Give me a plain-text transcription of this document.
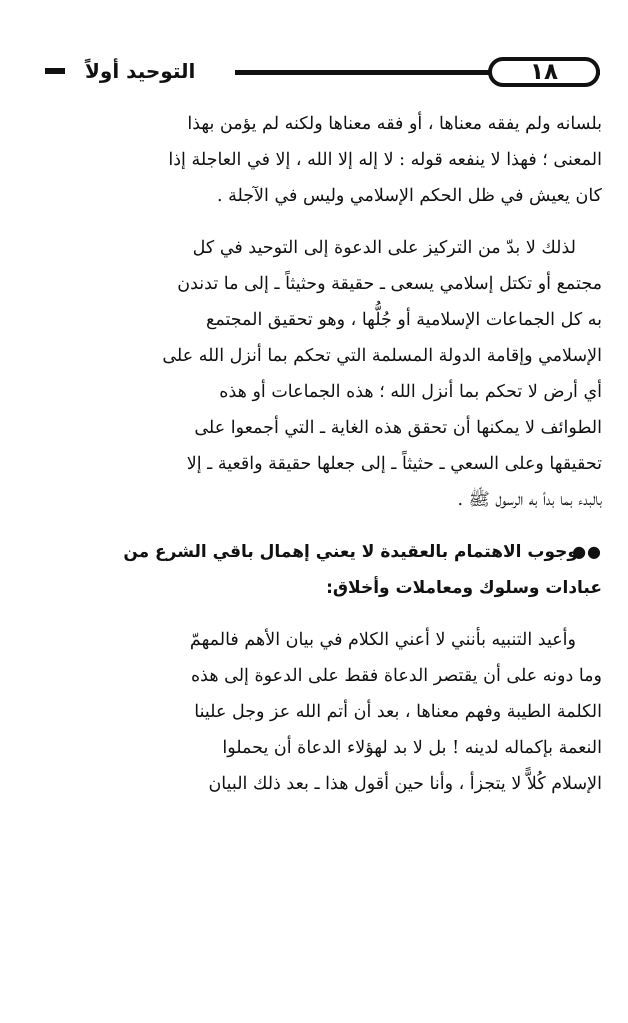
١٨
التوحيد أولاً

بلسانه ولم يفقه معناها ، أو فقه معناها ولكنه لم يؤمن بهذا
المعنى ؛ فهذا لا ينفعه قوله : لا إله إلا الله ، إلا في العاجلة إذا
كان يعيش في ظل الحكم الإسلامي وليس في الآجلة .

لذلك لا بدّ من التركيز على الدعوة إلى التوحيد في كل
مجتمع أو تكتل إسلامي يسعى ـ حقيقة وحثيثاً ـ إلى ما تدندن
به كل الجماعات الإسلامية أو جُلُّها ، وهو تحقيق المجتمع
الإسلامي وإقامة الدولة المسلمة التي تحكم بما أنزل الله على
أي أرض لا تحكم بما أنزل الله ؛ هذه الجماعات أو هذه
الطوائف لا يمكنها أن تحقق هذه الغاية ـ التي أجمعوا على
تحقيقها وعلى السعي ـ حثيثاً ـ إلى جعلها حقيقة واقعية ـ إلا
بالبدء بما بدأ به الرسول ﷺ .

●●وجوب الاهتمام بالعقيدة لا يعني إهمال باقي الشرع من
عبادات وسلوك ومعاملات وأخلاق:

وأعيد التنبيه بأنني لا أعني الكلام في بيان الأهم فالمهمّ
وما دونه على أن يقتصر الدعاة فقط على الدعوة إلى هذه
الكلمة الطيبة وفهم معناها ، بعد أن أتم الله عز وجل علينا
النعمة بإكماله لدينه ! بل لا بد لهؤلاء الدعاة أن يحملوا
الإسلام كُلاًّ لا يتجزأ ، وأنا حين أقول هذا ـ بعد ذلك البيان
